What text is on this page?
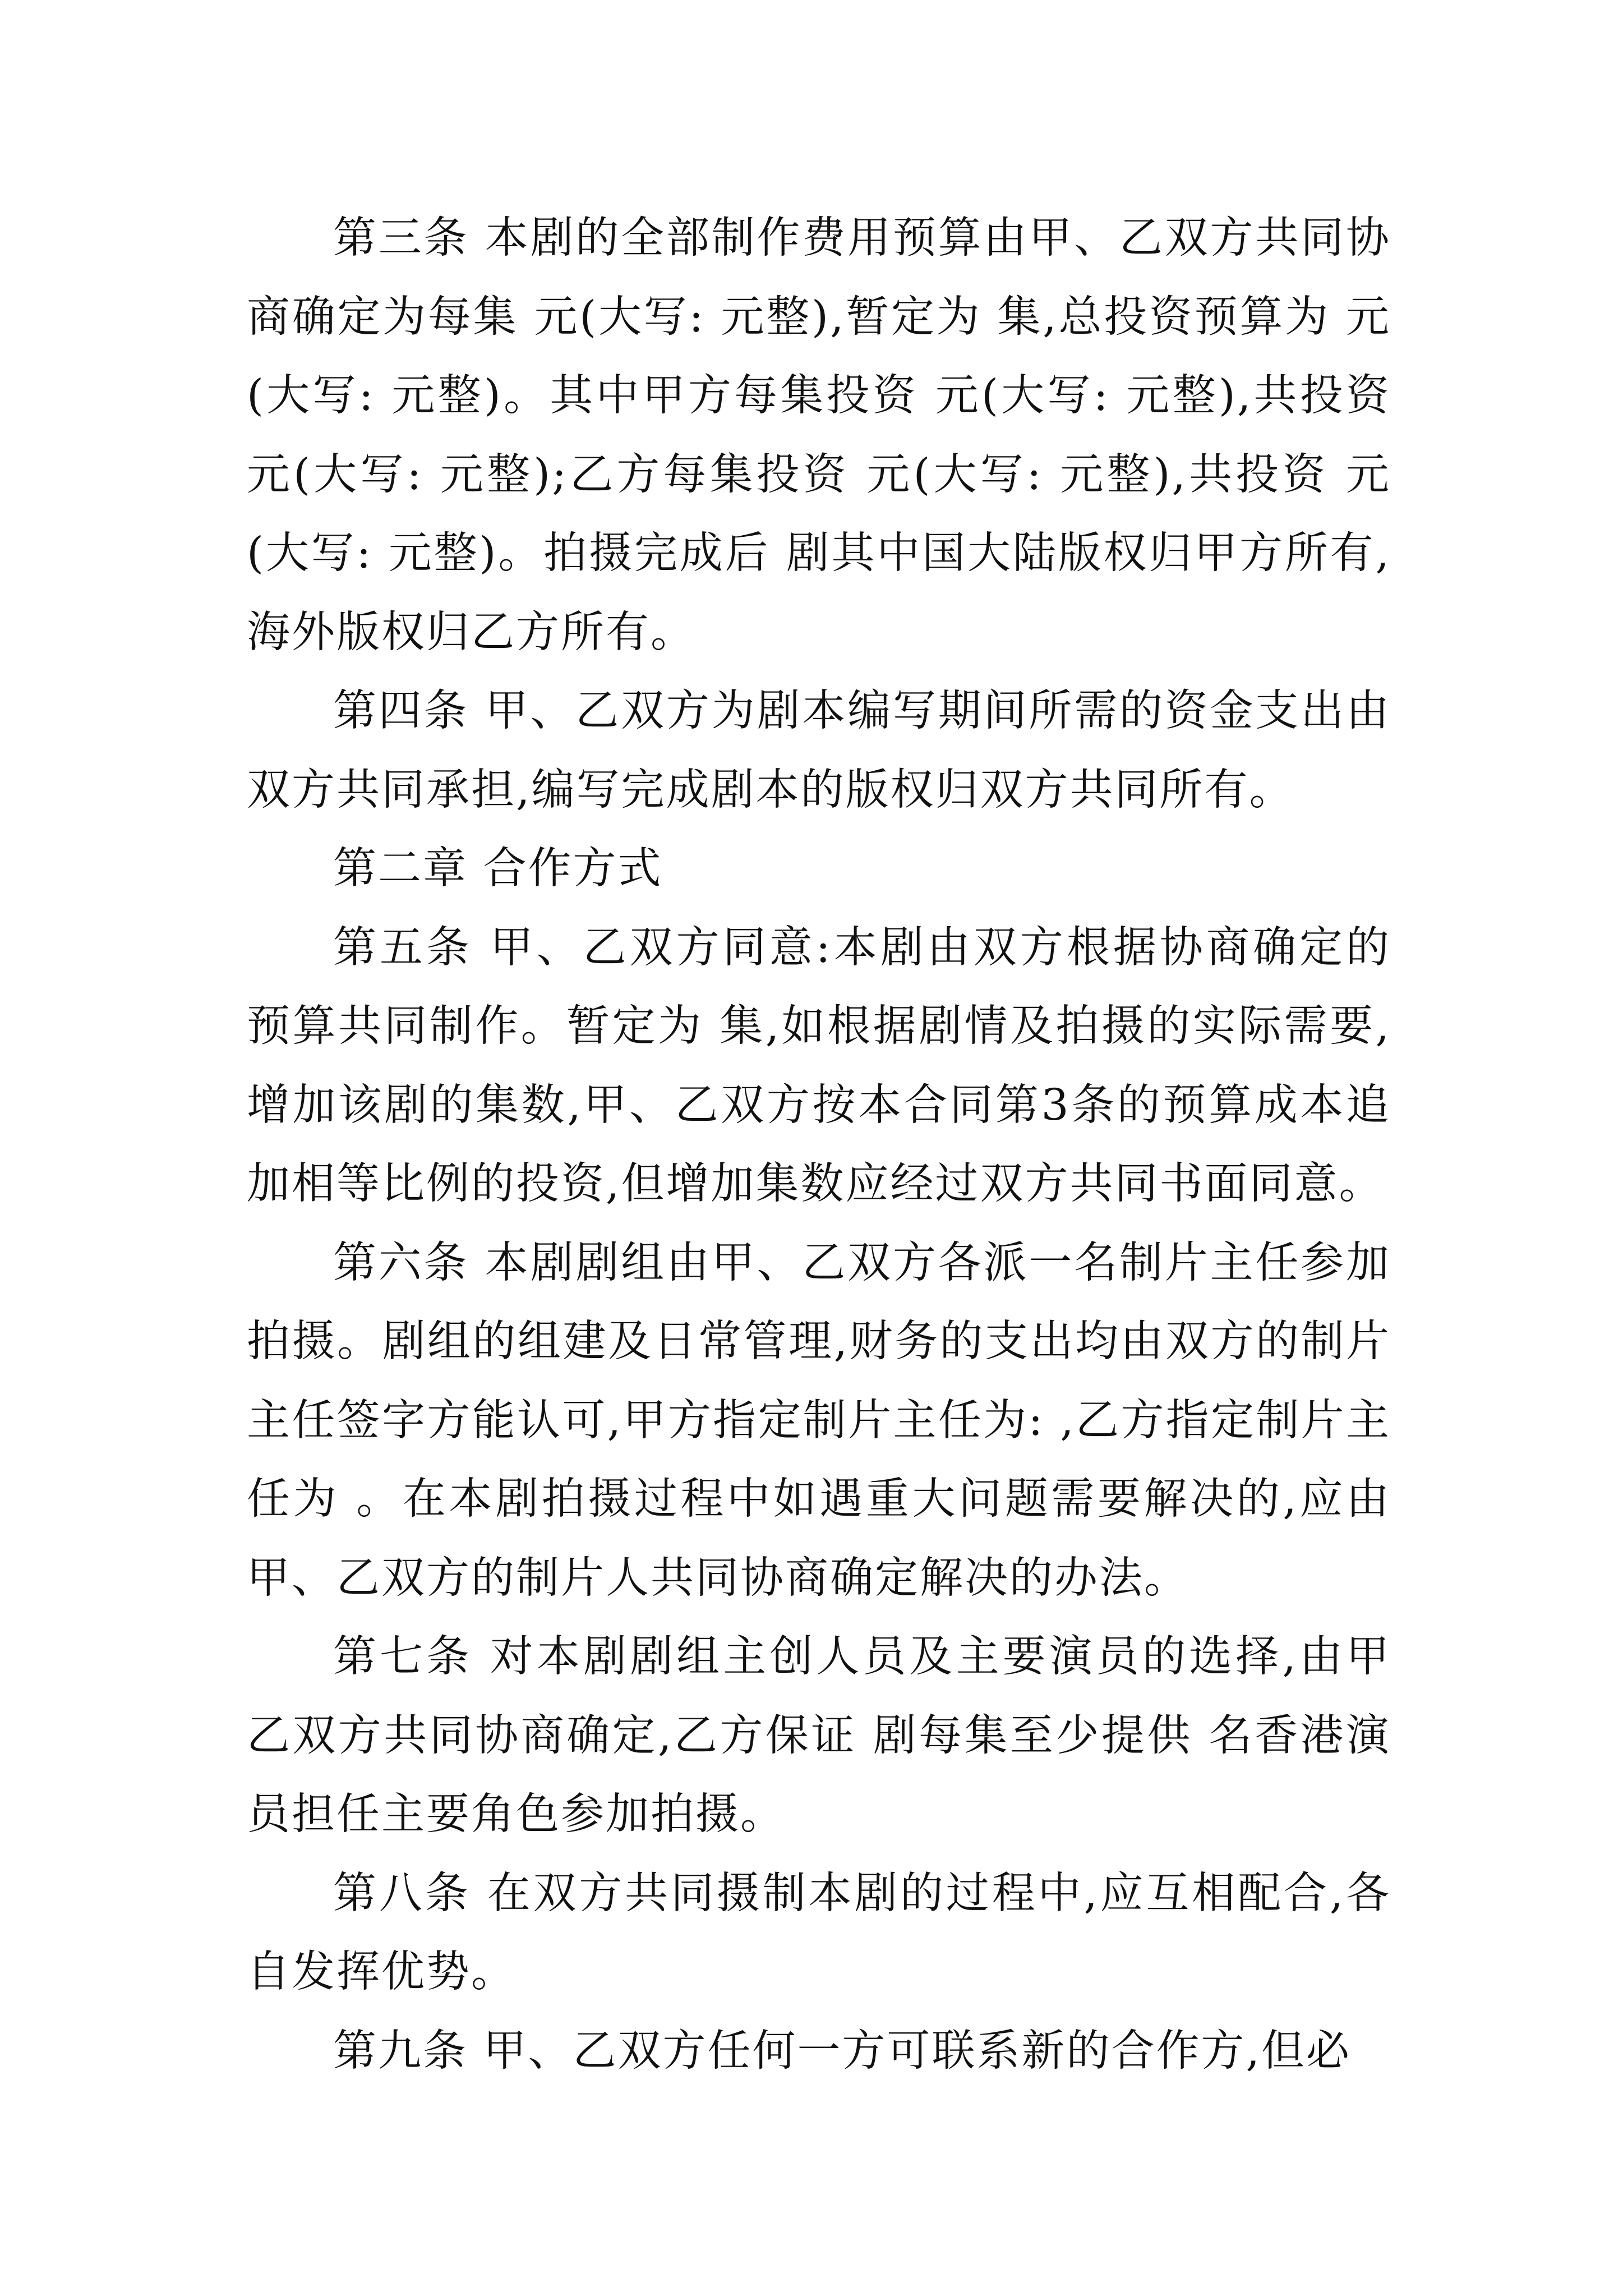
第三条 本剧的全部制作费用预算由甲、乙双方共同协商确定为每集 元(大写: 元整),暂定为 集,总投资预算为 元(大写: 元整)。其中甲方每集投资 元(大写: 元整),共投资 元(大写: 元整);乙方每集投资 元(大写: 元整),共投资 元(大写: 元整)。拍摄完成后 剧其中国大陆版权归甲方所有,海外版权归乙方所有。

第四条 甲、乙双方为剧本编写期间所需的资金支出由双方共同承担,编写完成剧本的版权归双方共同所有。

第二章 合作方式

第五条 甲、乙双方同意:本剧由双方根据协商确定的预算共同制作。暂定为 集,如根据剧情及拍摄的实际需要,增加该剧的集数,甲、乙双方按本合同第3条的预算成本追加相等比例的投资,但增加集数应经过双方共同书面同意。

第六条 本剧剧组由甲、乙双方各派一名制片主任参加拍摄。剧组的组建及日常管理,财务的支出均由双方的制片主任签字方能认可,甲方指定制片主任为: ,乙方指定制片主任为 。在本剧拍摄过程中如遇重大问题需要解决的,应由甲、乙双方的制片人共同协商确定解决的办法。

第七条 对本剧剧组主创人员及主要演员的选择,由甲乙双方共同协商确定,乙方保证 剧每集至少提供 名香港演员担任主要角色参加拍摄。

第八条 在双方共同摄制本剧的过程中,应互相配合,各自发挥优势。

第九条 甲、乙双方任何一方可联系新的合作方,但必
